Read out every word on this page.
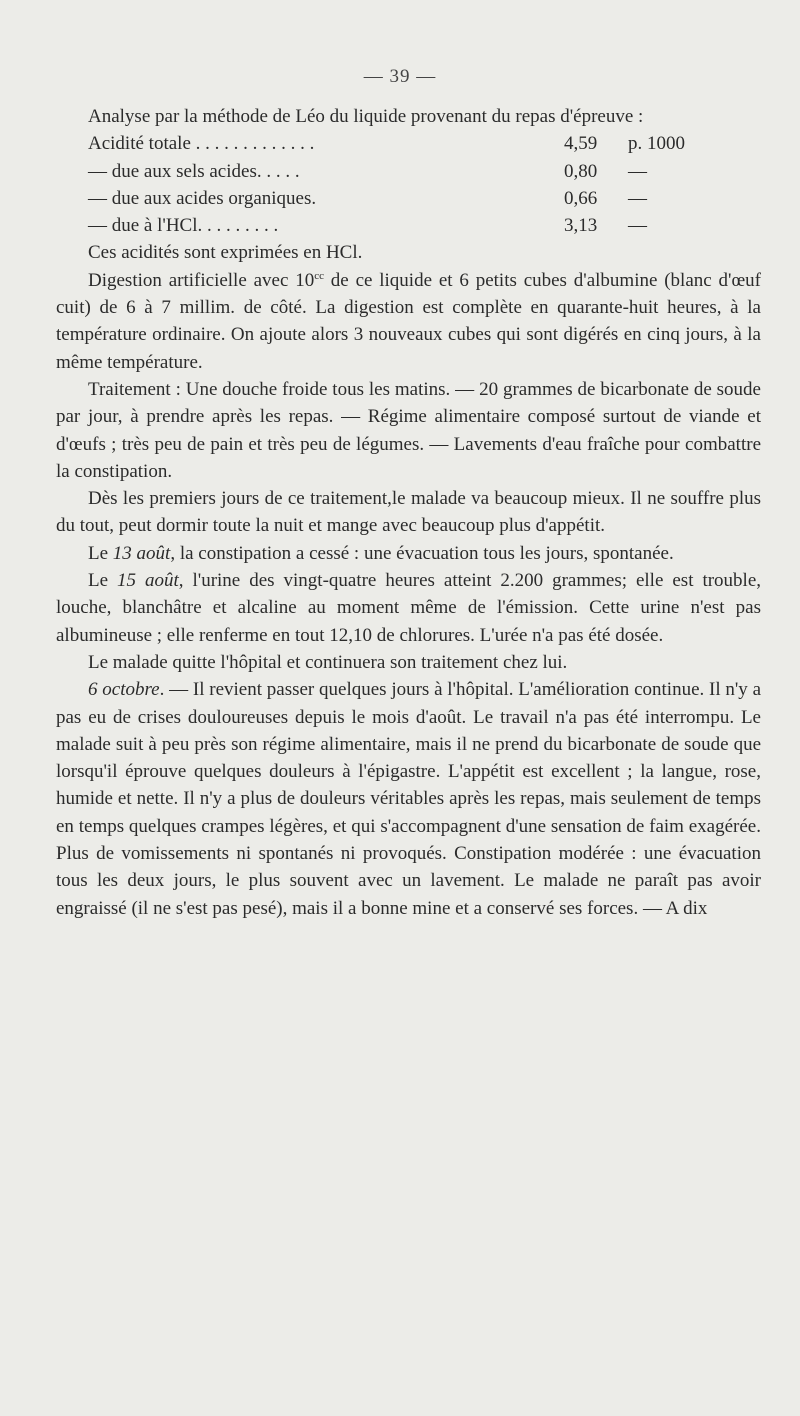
— 39 —

Analyse par la méthode de Léo du liquide provenant du repas d'épreuve :

Acidité totale . . . . . . . . . . . . .	4,59	p. 1000
— due aux sels acides. . . . .	0,80	—
— due aux acides organiques.	0,66	—
— due à l'HCl. . . . . . . . .	3,13	—

Ces acidités sont exprimées en HCl.

Digestion artificielle avec $10^{cc}$ de ce liquide et 6 petits cubes d'albumine (blanc d'œuf cuit) de 6 à 7 millim. de côté. La digestion est complète en quarante-huit heures, à la température ordinaire. On ajoute alors 3 nouveaux cubes qui sont digérés en cinq jours, à la même température.

Traitement : Une douche froide tous les matins. — 20 grammes de bicarbonate de soude par jour, à prendre après les repas. — Régime alimentaire composé surtout de viande et d'œufs ; très peu de pain et très peu de légumes. — Lavements d'eau fraîche pour combattre la constipation.

Dès les premiers jours de ce traitement,le malade va beaucoup mieux. Il ne souffre plus du tout, peut dormir toute la nuit et mange avec beaucoup plus d'appétit.

Le 13 août, la constipation a cessé : une évacuation tous les jours, spontanée.

Le 15 août, l'urine des vingt-quatre heures atteint 2.200 grammes; elle est trouble, louche, blanchâtre et alcaline au moment même de l'émission. Cette urine n'est pas albumineuse ; elle renferme en tout 12,10 de chlorures. L'urée n'a pas été dosée.

Le malade quitte l'hôpital et continuera son traitement chez lui.

6 octobre. — Il revient passer quelques jours à l'hôpital. L'amélioration continue. Il n'y a pas eu de crises douloureuses depuis le mois d'août. Le travail n'a pas été interrompu. Le malade suit à peu près son régime alimentaire, mais il ne prend du bicarbonate de soude que lorsqu'il éprouve quelques douleurs à l'épigastre. L'appétit est excellent ; la langue, rose, humide et nette. Il n'y a plus de douleurs véritables après les repas, mais seulement de temps en temps quelques crampes légères, et qui s'accompagnent d'une sensation de faim exagérée. Plus de vomissements ni spontanés ni provoqués. Constipation modérée : une évacuation tous les deux jours, le plus souvent avec un lavement. Le malade ne paraît pas avoir engraissé (il ne s'est pas pesé), mais il a bonne mine et a conservé ses forces. — A dix
